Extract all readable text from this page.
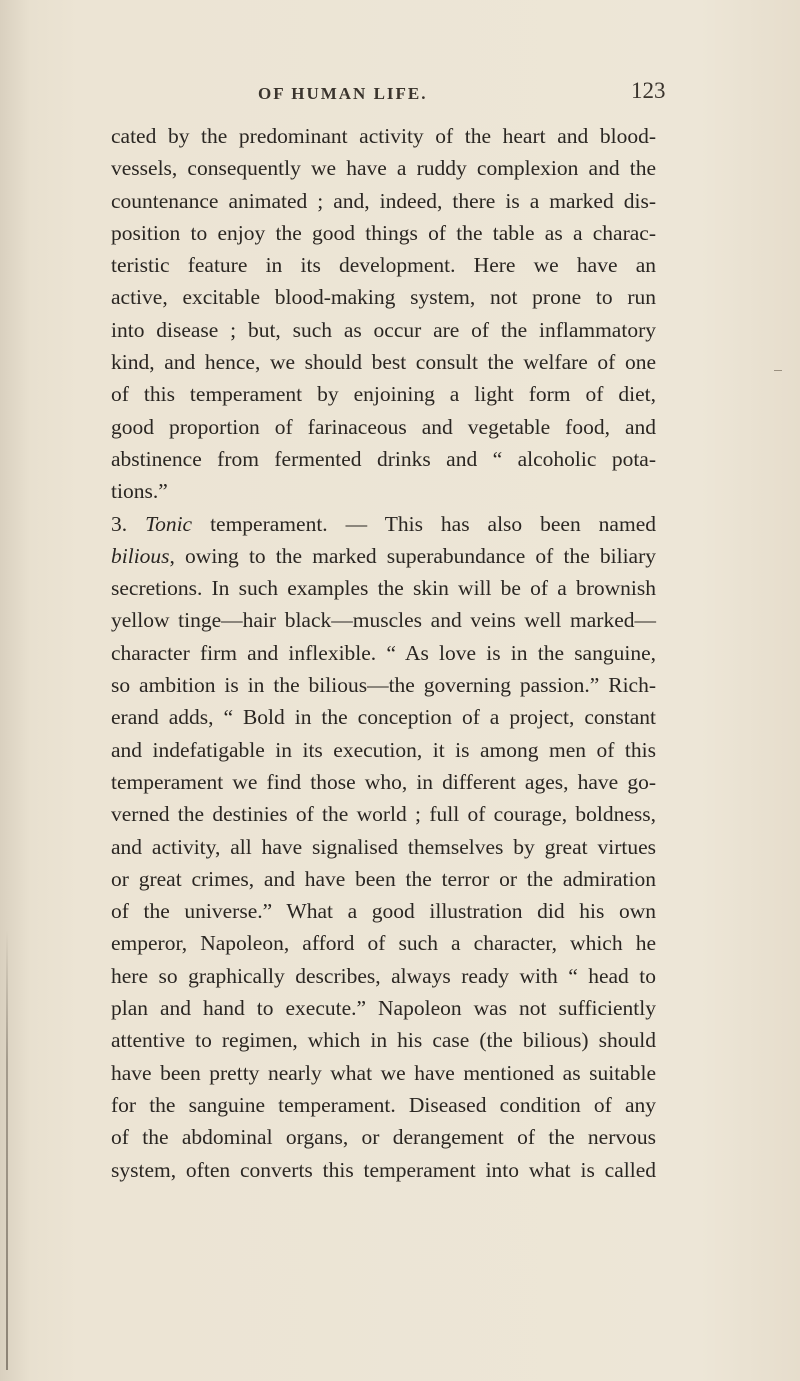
OF HUMAN LIFE.	123
cated by the predominant activity of the heart and blood-
vessels, consequently we have a ruddy complexion and the
countenance animated ; and, indeed, there is a marked dis-
position to enjoy the good things of the table as a charac-
teristic feature in its development. Here we have an
active, excitable blood-making system, not prone to run
into disease ; but, such as occur are of the inflammatory
kind, and hence, we should best consult the welfare of one
of this temperament by enjoining a light form of diet,
good proportion of farinaceous and vegetable food, and
abstinence from fermented drinks and “ alcoholic pota-
tions.”
3. Tonic temperament. — This has also been named
bilious, owing to the marked superabundance of the biliary
secretions. In such examples the skin will be of a brownish
yellow tinge—hair black—muscles and veins well marked—
character firm and inflexible. “ As love is in the sanguine,
so ambition is in the bilious—the governing passion.” Rich-
erand adds, “ Bold in the conception of a project, constant
and indefatigable in its execution, it is among men of this
temperament we find those who, in different ages, have go-
verned the destinies of the world ; full of courage, boldness,
and activity, all have signalised themselves by great virtues
or great crimes, and have been the terror or the admiration
of the universe.” What a good illustration did his own
emperor, Napoleon, afford of such a character, which he
here so graphically describes, always ready with “ head to
plan and hand to execute.” Napoleon was not sufficiently
attentive to regimen, which in his case (the bilious) should
have been pretty nearly what we have mentioned as suitable
for the sanguine temperament. Diseased condition of any
of the abdominal organs, or derangement of the nervous
system, often converts this temperament into what is called
